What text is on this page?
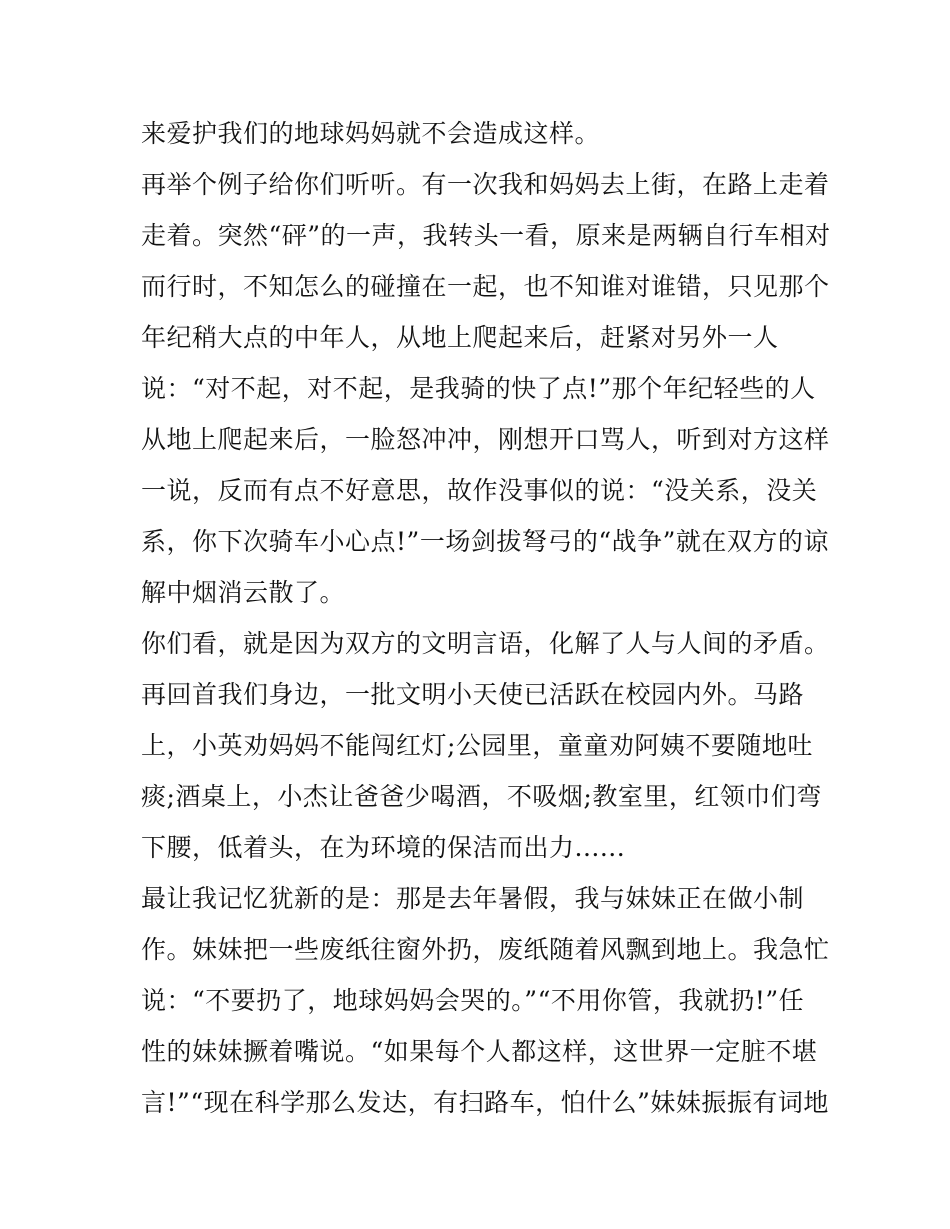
来爱护我们的地球妈妈就不会造成这样。
再举个例子给你们听听。有一次我和妈妈去上街，在路上走着
走着。突然“砰”的一声，我转头一看，原来是两辆自行车相对
而行时，不知怎么的碰撞在一起，也不知谁对谁错，只见那个
年纪稍大点的中年人，从地上爬起来后，赶紧对另外一人
说：“对不起，对不起，是我骑的快了点!”那个年纪轻些的人
从地上爬起来后，一脸怒冲冲，刚想开口骂人，听到对方这样
一说，反而有点不好意思，故作没事似的说：“没关系，没关
系，你下次骑车小心点!”一场剑拔弩弓的“战争”就在双方的谅
解中烟消云散了。
你们看，就是因为双方的文明言语，化解了人与人间的矛盾。
再回首我们身边，一批文明小天使已活跃在校园内外。马路
上，小英劝妈妈不能闯红灯;公园里，童童劝阿姨不要随地吐
痰;酒桌上，小杰让爸爸少喝酒，不吸烟;教室里，红领巾们弯
下腰，低着头，在为环境的保洁而出力......
最让我记忆犹新的是：那是去年暑假，我与妹妹正在做小制
作。妹妹把一些废纸往窗外扔，废纸随着风飘到地上。我急忙
说：“不要扔了，地球妈妈会哭的。”“不用你管，我就扔!”任
性的妹妹撅着嘴说。“如果每个人都这样，这世界一定脏不堪
言!”“现在科学那么发达，有扫路车，怕什么”妹妹振振有词地
